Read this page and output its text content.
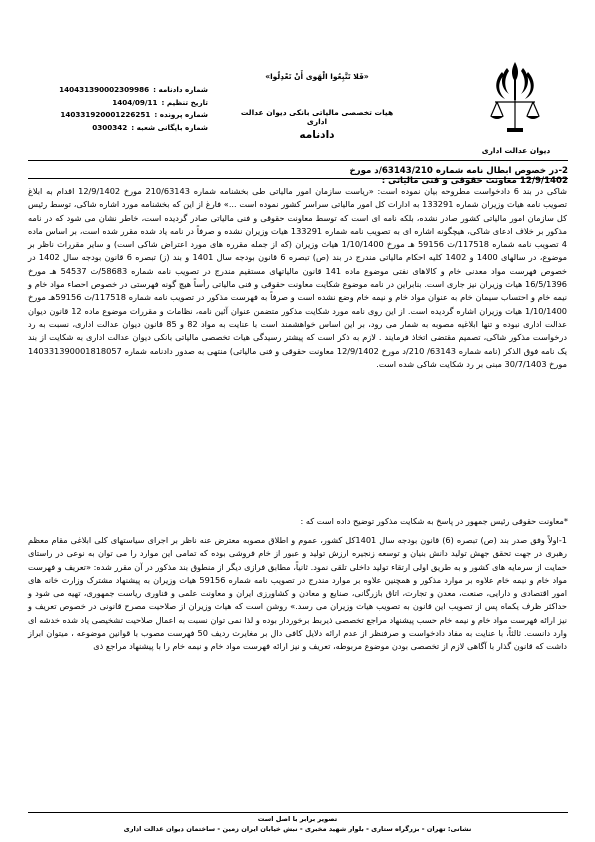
شماره دادنامه :
140431390002309986
تاریخ تنظیم :
1404/09/11
شماره پرونده :
140331920001226251
شماره بایگانی شعبه :
0300342
«فَلا تَتَّبِعُوا الْهَوى أَنْ تَعْدِلُوا»
هیات تخصصی مالیاتی بانکی دیوان عدالت اداری
دادنامه
دیوان عدالت اداری
2-در خصوص ابطال نامه شماره 63143/210/د مورخ 12/9/1402 معاونت حقوقی و فنی مالیاتی :
شاکی در بند 6 دادخواست مطروحه بیان نموده است: «ریاست سازمان امور مالیاتی طی بخشنامه شماره 210/63143 مورخ 12/9/1402 اقدام به ابلاغ تصویب نامه هیات وزیران شماره 133291 به ادارات کل امور مالیاتی سراسر کشور نموده است ...» فارغ از این که بخشنامه مورد اشاره شاکی، توسط رئیس کل سازمان امور مالیاتی کشور صادر نشده، بلکه نامه ای است که توسط معاونت حقوقی و فنی مالیاتی صادر گردیده است، خاطر نشان می شود که در نامه مذکور بر خلاف ادعای شاکی، هیچگونه اشاره ای به تصویب نامه شماره 133291 هیات وزیران نشده و صرفاً در نامه یاد شده مقرر شده است، بر اساس ماده 4 تصویب نامه شماره 117518/ت 59156 هـ مورخ 1/10/1400 هیات وزیران (که از جمله مقرره های مورد اعتراض شاکی است) و سایر مقررات ناظر بر موضوع، در سالهای 1400 و 1402 کلیه احکام مالیاتی مندرج در بند (ص) تبصره 6 قانون بودجه سال 1401 و بند (ز) تبصره 6 قانون بودجه سال 1402 در خصوص فهرست مواد معدنی خام و کالاهای نفتی موضوع ماده 141 قانون مالیاتهای مستقیم مندرج در تصویب نامه شماره 58683/ت 54537 هـ مورخ 16/5/1396 هیات وزیران نیز جاری است. بنابراین در نامه موضوع شکایت معاونت حقوقی و فنی مالیاتی رأساً هیچ گونه فهرستی در خصوص احصاء مواد خام و نیمه خام و احتساب سیمان خام به عنوان مواد خام و نیمه خام وضع نشده است و صرفاً به فهرست مذکور در تصویب نامه شماره 117518/ت 59156هـ مورخ 1/10/1400 هیات وزیران اشاره گردیده است. از این روی نامه مورد شکایت مذکور متضمن عنوان آئین نامه، نظامات و مقررات موضوع ماده 12 قانون دیوان عدالت اداری نبوده و تنها ابلاغیه مصوبه به شمار می رود، بر این اساس خواهشمند است با عنایت به مواد 82 و 85 قانون دیوان عدالت اداری، نسبت به رد درخواست مذکور شاکی، تصمیم مقتضی اتخاذ فرمایند . لازم به ذکر است که پیشتر رسیدگی هیات تخصصی مالیاتی بانکی دیوان عدالت اداری به شکایت از بند یک نامه فوق الذکر (نامه شماره 63143/ 210/د مورخ 12/9/1402 معاونت حقوقی و فنی مالیاتی) منتهی به صدور دادنامه شماره 140331390001818057 مورخ 30/7/1403 مبنی بر رد شکایت شاکی شده است.
*معاونت حقوقی رئیس جمهور در پاسخ به شکایت مذکور توضیح داده است که :
1-اولاً وفق صدر بند (ص) تبصره (6) قانون بودجه سال 1401کل کشور، عموم و اطلاق مصوبه معترض عنه ناظر بر اجرای سیاستهای کلی ابلاغی مقام معظم رهبری در جهت تحقق جهش تولید دانش بنیان و توسعه زنجیره ارزش تولید و عبور از خام فروشی بوده که تمامی این موارد را می توان به نوعی در راستای حمایت از سرمایه های کشور و به طریق اولی ارتقاء تولید داخلی تلقی نمود. ثانیاً، مطابق فرازی دیگر از منطوق بند مذکور در آن مقرر شده: «تعریف و فهرست مواد خام و نیمه خام علاوه بر موارد مذکور و همچنین علاوه بر موارد مندرج در تصویب نامه شماره 59156 هیات وزیران به پیشنهاد مشترک وزارت خانه های امور اقتصادی و دارایی، صنعت، معدن و تجارت، اتاق بازرگانی، صنایع و معادن و کشاورزی ایران و معاونت علمی و فناوری ریاست جمهوری، تهیه می شود و حداکثر ظرف یکماه پس از تصویب این قانون به تصویب هیات وزیران می رسد.» روشن است که هیات وزیران از صلاحیت مصرح قانونی در خصوص تعریف و نیز ارائه فهرست مواد خام و نیمه خام حسب پیشنهاد مراجع تخصصی ذیربط برخوردار بوده و لذا نمی توان نسبت به اعمال صلاحیت تشخیصی یاد شده خدشه ای وارد دانست. ثالثاً، با عنایت به مفاد دادخواست و صرفنظر از عدم ارائه دلایل کافی دال بر مغایرت ردیف 50 فهرست مصوب با قوانین موضوعه ، میتوان ابراز داشت که قانون گذار با آگاهی لازم از تخصصی بودن موضوع مربوطه، تعریف و نیز ارائه فهرست مواد خام و نیمه خام را با پیشنهاد مراجع ذی
تصویر برابر با اصل است
نشانی: تهران - بزرگراه ستاری - بلوار شهید مخبری - نبش خیابان ایران زمین - ساختمان دیوان عدالت اداری
